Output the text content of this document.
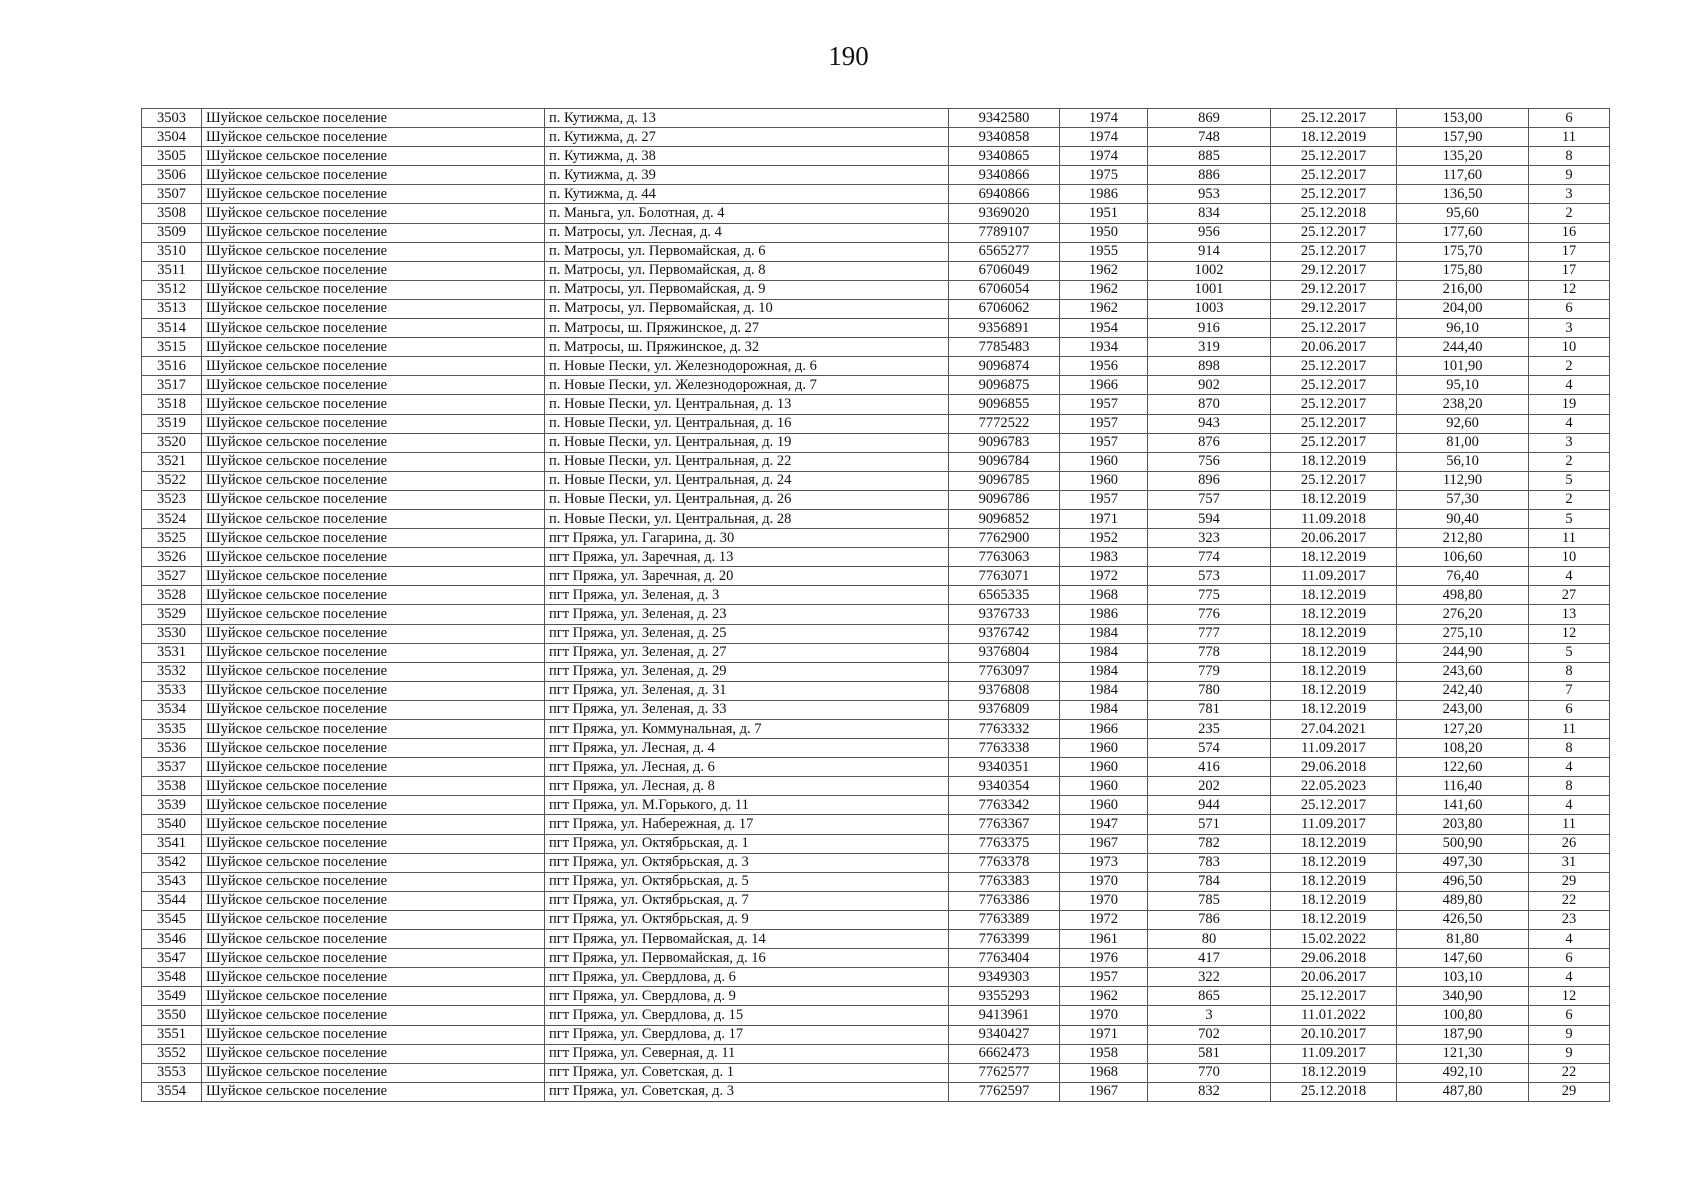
190
3503	Шуйское сельское поселение	п. Кутижма, д. 13	9342580	1974	869	25.12.2017	153,00	6
3504	Шуйское сельское поселение	п. Кутижма, д. 27	9340858	1974	748	18.12.2019	157,90	11
3505	Шуйское сельское поселение	п. Кутижма, д. 38	9340865	1974	885	25.12.2017	135,20	8
3506	Шуйское сельское поселение	п. Кутижма, д. 39	9340866	1975	886	25.12.2017	117,60	9
3507	Шуйское сельское поселение	п. Кутижма, д. 44	6940866	1986	953	25.12.2017	136,50	3
3508	Шуйское сельское поселение	п. Маньга, ул. Болотная, д. 4	9369020	1951	834	25.12.2018	95,60	2
3509	Шуйское сельское поселение	п. Матросы, ул. Лесная, д. 4	7789107	1950	956	25.12.2017	177,60	16
3510	Шуйское сельское поселение	п. Матросы, ул. Первомайская, д. 6	6565277	1955	914	25.12.2017	175,70	17
3511	Шуйское сельское поселение	п. Матросы, ул. Первомайская, д. 8	6706049	1962	1002	29.12.2017	175,80	17
3512	Шуйское сельское поселение	п. Матросы, ул. Первомайская, д. 9	6706054	1962	1001	29.12.2017	216,00	12
3513	Шуйское сельское поселение	п. Матросы, ул. Первомайская, д. 10	6706062	1962	1003	29.12.2017	204,00	6
3514	Шуйское сельское поселение	п. Матросы, ш. Пряжинское, д. 27	9356891	1954	916	25.12.2017	96,10	3
3515	Шуйское сельское поселение	п. Матросы, ш. Пряжинское, д. 32	7785483	1934	319	20.06.2017	244,40	10
3516	Шуйское сельское поселение	п. Новые Пески, ул. Железнодорожная, д. 6	9096874	1956	898	25.12.2017	101,90	2
3517	Шуйское сельское поселение	п. Новые Пески, ул. Железнодорожная, д. 7	9096875	1966	902	25.12.2017	95,10	4
3518	Шуйское сельское поселение	п. Новые Пески, ул. Центральная, д. 13	9096855	1957	870	25.12.2017	238,20	19
3519	Шуйское сельское поселение	п. Новые Пески, ул. Центральная, д. 16	7772522	1957	943	25.12.2017	92,60	4
3520	Шуйское сельское поселение	п. Новые Пески, ул. Центральная, д. 19	9096783	1957	876	25.12.2017	81,00	3
3521	Шуйское сельское поселение	п. Новые Пески, ул. Центральная, д. 22	9096784	1960	756	18.12.2019	56,10	2
3522	Шуйское сельское поселение	п. Новые Пески, ул. Центральная, д. 24	9096785	1960	896	25.12.2017	112,90	5
3523	Шуйское сельское поселение	п. Новые Пески, ул. Центральная, д. 26	9096786	1957	757	18.12.2019	57,30	2
3524	Шуйское сельское поселение	п. Новые Пески, ул. Центральная, д. 28	9096852	1971	594	11.09.2018	90,40	5
3525	Шуйское сельское поселение	пгт Пряжа, ул. Гагарина, д. 30	7762900	1952	323	20.06.2017	212,80	11
3526	Шуйское сельское поселение	пгт Пряжа, ул. Заречная, д. 13	7763063	1983	774	18.12.2019	106,60	10
3527	Шуйское сельское поселение	пгт Пряжа, ул. Заречная, д. 20	7763071	1972	573	11.09.2017	76,40	4
3528	Шуйское сельское поселение	пгт Пряжа, ул. Зеленая, д. 3	6565335	1968	775	18.12.2019	498,80	27
3529	Шуйское сельское поселение	пгт Пряжа, ул. Зеленая, д. 23	9376733	1986	776	18.12.2019	276,20	13
3530	Шуйское сельское поселение	пгт Пряжа, ул. Зеленая, д. 25	9376742	1984	777	18.12.2019	275,10	12
3531	Шуйское сельское поселение	пгт Пряжа, ул. Зеленая, д. 27	9376804	1984	778	18.12.2019	244,90	5
3532	Шуйское сельское поселение	пгт Пряжа, ул. Зеленая, д. 29	7763097	1984	779	18.12.2019	243,60	8
3533	Шуйское сельское поселение	пгт Пряжа, ул. Зеленая, д. 31	9376808	1984	780	18.12.2019	242,40	7
3534	Шуйское сельское поселение	пгт Пряжа, ул. Зеленая, д. 33	9376809	1984	781	18.12.2019	243,00	6
3535	Шуйское сельское поселение	пгт Пряжа, ул. Коммунальная, д. 7	7763332	1966	235	27.04.2021	127,20	11
3536	Шуйское сельское поселение	пгт Пряжа, ул. Лесная, д. 4	7763338	1960	574	11.09.2017	108,20	8
3537	Шуйское сельское поселение	пгт Пряжа, ул. Лесная, д. 6	9340351	1960	416	29.06.2018	122,60	4
3538	Шуйское сельское поселение	пгт Пряжа, ул. Лесная, д. 8	9340354	1960	202	22.05.2023	116,40	8
3539	Шуйское сельское поселение	пгт Пряжа, ул. М.Горького, д. 11	7763342	1960	944	25.12.2017	141,60	4
3540	Шуйское сельское поселение	пгт Пряжа, ул. Набережная, д. 17	7763367	1947	571	11.09.2017	203,80	11
3541	Шуйское сельское поселение	пгт Пряжа, ул. Октябрьская, д. 1	7763375	1967	782	18.12.2019	500,90	26
3542	Шуйское сельское поселение	пгт Пряжа, ул. Октябрьская, д. 3	7763378	1973	783	18.12.2019	497,30	31
3543	Шуйское сельское поселение	пгт Пряжа, ул. Октябрьская, д. 5	7763383	1970	784	18.12.2019	496,50	29
3544	Шуйское сельское поселение	пгт Пряжа, ул. Октябрьская, д. 7	7763386	1970	785	18.12.2019	489,80	22
3545	Шуйское сельское поселение	пгт Пряжа, ул. Октябрьская, д. 9	7763389	1972	786	18.12.2019	426,50	23
3546	Шуйское сельское поселение	пгт Пряжа, ул. Первомайская, д. 14	7763399	1961	80	15.02.2022	81,80	4
3547	Шуйское сельское поселение	пгт Пряжа, ул. Первомайская, д. 16	7763404	1976	417	29.06.2018	147,60	6
3548	Шуйское сельское поселение	пгт Пряжа, ул. Свердлова, д. 6	9349303	1957	322	20.06.2017	103,10	4
3549	Шуйское сельское поселение	пгт Пряжа, ул. Свердлова, д. 9	9355293	1962	865	25.12.2017	340,90	12
3550	Шуйское сельское поселение	пгт Пряжа, ул. Свердлова, д. 15	9413961	1970	3	11.01.2022	100,80	6
3551	Шуйское сельское поселение	пгт Пряжа, ул. Свердлова, д. 17	9340427	1971	702	20.10.2017	187,90	9
3552	Шуйское сельское поселение	пгт Пряжа, ул. Северная, д. 11	6662473	1958	581	11.09.2017	121,30	9
3553	Шуйское сельское поселение	пгт Пряжа, ул. Советская, д. 1	7762577	1968	770	18.12.2019	492,10	22
3554	Шуйское сельское поселение	пгт Пряжа, ул. Советская, д. 3	7762597	1967	832	25.12.2018	487,80	29
